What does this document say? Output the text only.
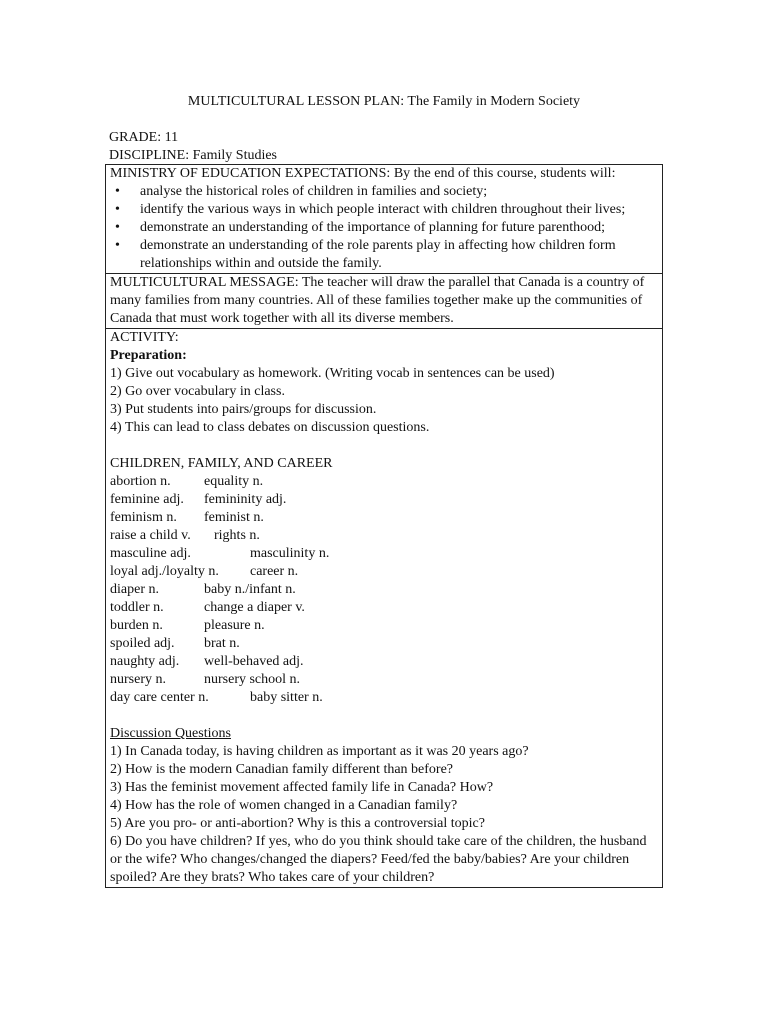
MULTICULTURAL LESSON PLAN: The Family in Modern Society
GRADE: 11
DISCIPLINE: Family Studies
MINISTRY OF EDUCATION EXPECTATIONS: By the end of this course, students will:
• analyse the historical roles of children in families and society;
• identify the various ways in which people interact with children throughout their lives;
• demonstrate an understanding of the importance of planning for future parenthood;
• demonstrate an understanding of the role parents play in affecting how children form relationships within and outside the family.

MULTICULTURAL MESSAGE: The teacher will draw the parallel that Canada is a country of many families from many countries. All of these families together make up the communities of Canada that must work together with all its diverse members.

ACTIVITY:
Preparation:
1) Give out vocabulary as homework. (Writing vocab in sentences can be used)
2) Go over vocabulary in class.
3) Put students into pairs/groups for discussion.
4) This can lead to class debates on discussion questions.
CHILDREN, FAMILY, AND CAREER
abortion n. equality n.
feminine adj. femininity adj.
feminism n. feminist n.
raise a child v. rights n.
masculine adj.	masculinity n.
loyal adj./loyalty n. career n.
diaper n.	baby n./infant n.
toddler n.	change a diaper v.
burden n.	pleasure n.
spoiled adj. brat n.
naughty adj. well-behaved adj.
nursery n.	nursery school n.
day care center n.	baby sitter n.
Discussion Questions
1) In Canada today, is having children as important as it was 20 years ago?
2) How is the modern Canadian family different than before?
3) Has the feminist movement affected family life in Canada? How?
4) How has the role of women changed in a Canadian family?
5) Are you pro- or anti-abortion? Why is this a controversial topic?
6) Do you have children? If yes, who do you think should take care of the children, the husband or the wife? Who changes/changed the diapers? Feed/fed the baby/babies? Are your children spoiled? Are they brats? Who takes care of your children?
